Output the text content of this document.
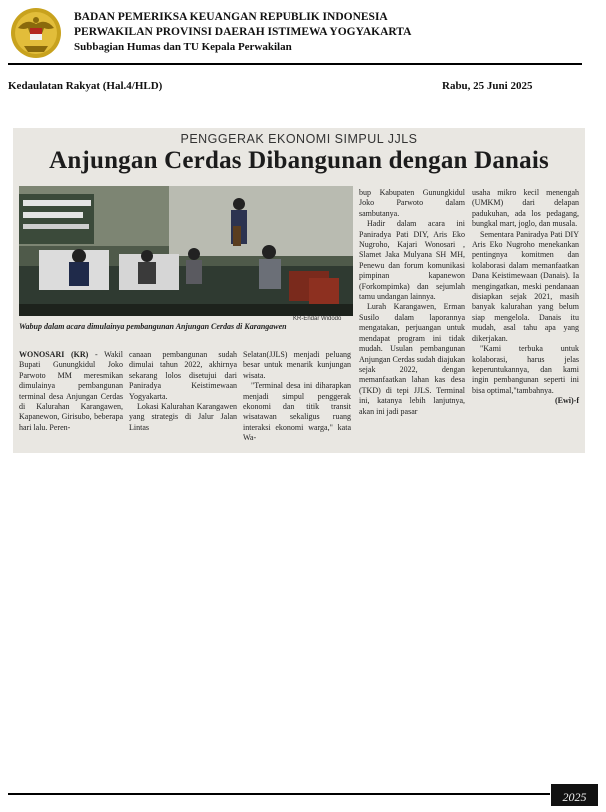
BADAN PEMERIKSA KEUANGAN REPUBLIK INDONESIA
PERWAKILAN PROVINSI DAERAH ISTIMEWA YOGYAKARTA
Subbagian Humas dan TU Kepala Perwakilan
Kedaulatan Rakyat (Hal.4/HLD)	Rabu, 25 Juni 2025
PENGGERAK EKONOMI SIMPUL JJLS
Anjungan Cerdas Dibangunan dengan Danais
KR-Endar Widodo
Wabup dalam acara dimulainya pembangunan Anjungan Cerdas di Karangawen

WONOSARI (KR) - Wakil Bupati Gunungkidul Joko Parwoto MM meresmikan dimulainya pembangunan terminal desa Anjungan Cerdas di Kalurahan Karangawen, Kapanewon, Girisubo, beberapa hari lalu. Peren-

canaan pembangunan sudah dimulai tahun 2022, akhirnya sekarang lolos disetujui dari Paniradya Keistimewaan Yogyakarta.

Lokasi Kalurahan Karangawen yang strategis di Jalur Jalan Lintas

Selatan(JJLS) menjadi peluang besar untuk menarik kunjungan wisata.

"Terminal desa ini diharapkan menjadi simpul penggerak ekonomi dan titik transit wisatawan sekaligus ruang interaksi ekonomi warga," kata Wa-

bup Kabupaten Gunungkidul Joko Parwoto dalam sambutanya.

Hadir dalam acara ini Paniradya Pati DIY, Aris Eko Nugroho, Kajari Wonosari , Slamet Jaka Mulyana SH MH, Penewu dan forum komunikasi pimpinan kapanewon (Forkompimka) dan sejumlah tamu undangan lainnya.

Lurah Karangawen, Erman Susilo dalam laporannya mengatakan, perjuangan untuk mendapat program ini tidak mudah. Usulan pembangunan Anjungan Cerdas sudah diajukan sejak 2022, dengan memanfaatkan lahan kas desa (TKD) di tepi JJLS. Terminal ini, katanya lebih lanjutnya, akan ini jadi pasar

usaha mikro kecil menengah (UMKM) dari delapan padukuhan, ada los pedagang, bungkal mart, joglo, dan musala.

Sementara Paniradya Pati DIY Aris Eko Nugroho menekankan pentingnya komitmen dan kolaborasi dalam memanfaatkan Dana Keistimewaan (Danais). Ia mengingatkan, meski pendanaan disiapkan sejak 2021, masih banyak kalurahan yang belum siap mengelola. Danais itu mudah, asal tahu apa yang dikerjakan.

"Kami terbuka untuk kolaborasi, harus jelas keperuntukannya, dan kami ingin pembangunan seperti ini bisa optimal,"tambahnya.

(Ewi)-f

2025
